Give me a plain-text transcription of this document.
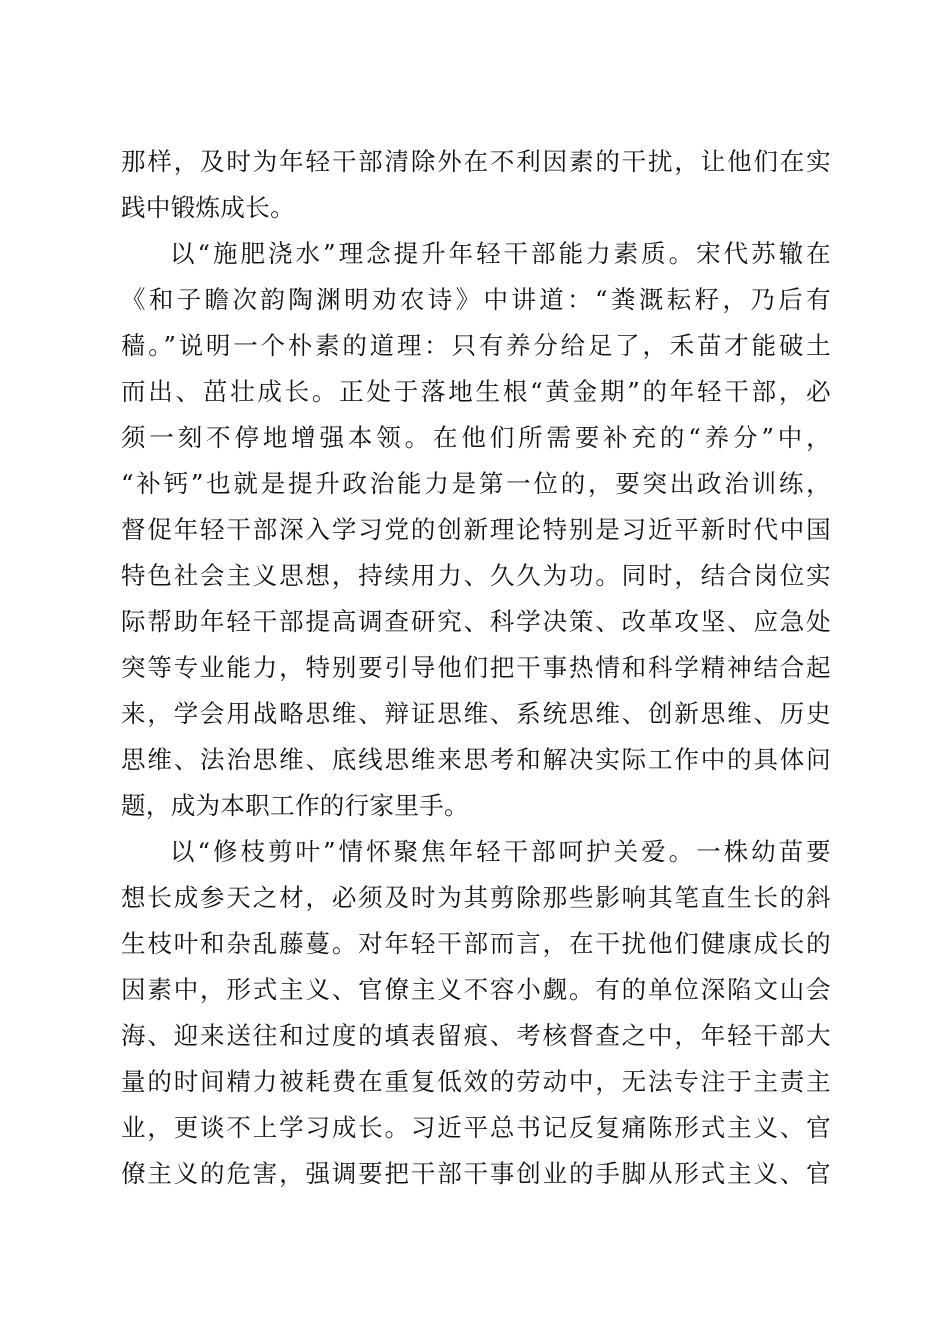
那样，及时为年轻干部清除外在不利因素的干扰，让他们在实
践中锻炼成长。
以“施肥浇水”理念提升年轻干部能力素质。宋代苏辙在
《和子瞻次韵陶渊明劝农诗》中讲道：“粪溉耘籽，乃后有
穑。”说明一个朴素的道理：只有养分给足了，禾苗才能破土
而出、茁壮成长。正处于落地生根“黄金期”的年轻干部，必
须一刻不停地增强本领。在他们所需要补充的“养分”中，
“补钙”也就是提升政治能力是第一位的，要突出政治训练，
督促年轻干部深入学习党的创新理论特别是习近平新时代中国
特色社会主义思想，持续用力、久久为功。同时，结合岗位实
际帮助年轻干部提高调查研究、科学决策、改革攻坚、应急处
突等专业能力，特别要引导他们把干事热情和科学精神结合起
来，学会用战略思维、辩证思维、系统思维、创新思维、历史
思维、法治思维、底线思维来思考和解决实际工作中的具体问
题，成为本职工作的行家里手。
以“修枝剪叶”情怀聚焦年轻干部呵护关爱。一株幼苗要
想长成参天之材，必须及时为其剪除那些影响其笔直生长的斜
生枝叶和杂乱藤蔓。对年轻干部而言，在干扰他们健康成长的
因素中，形式主义、官僚主义不容小觑。有的单位深陷文山会
海、迎来送往和过度的填表留痕、考核督查之中，年轻干部大
量的时间精力被耗费在重复低效的劳动中，无法专注于主责主
业，更谈不上学习成长。习近平总书记反复痛陈形式主义、官
僚主义的危害，强调要把干部干事创业的手脚从形式主义、官
